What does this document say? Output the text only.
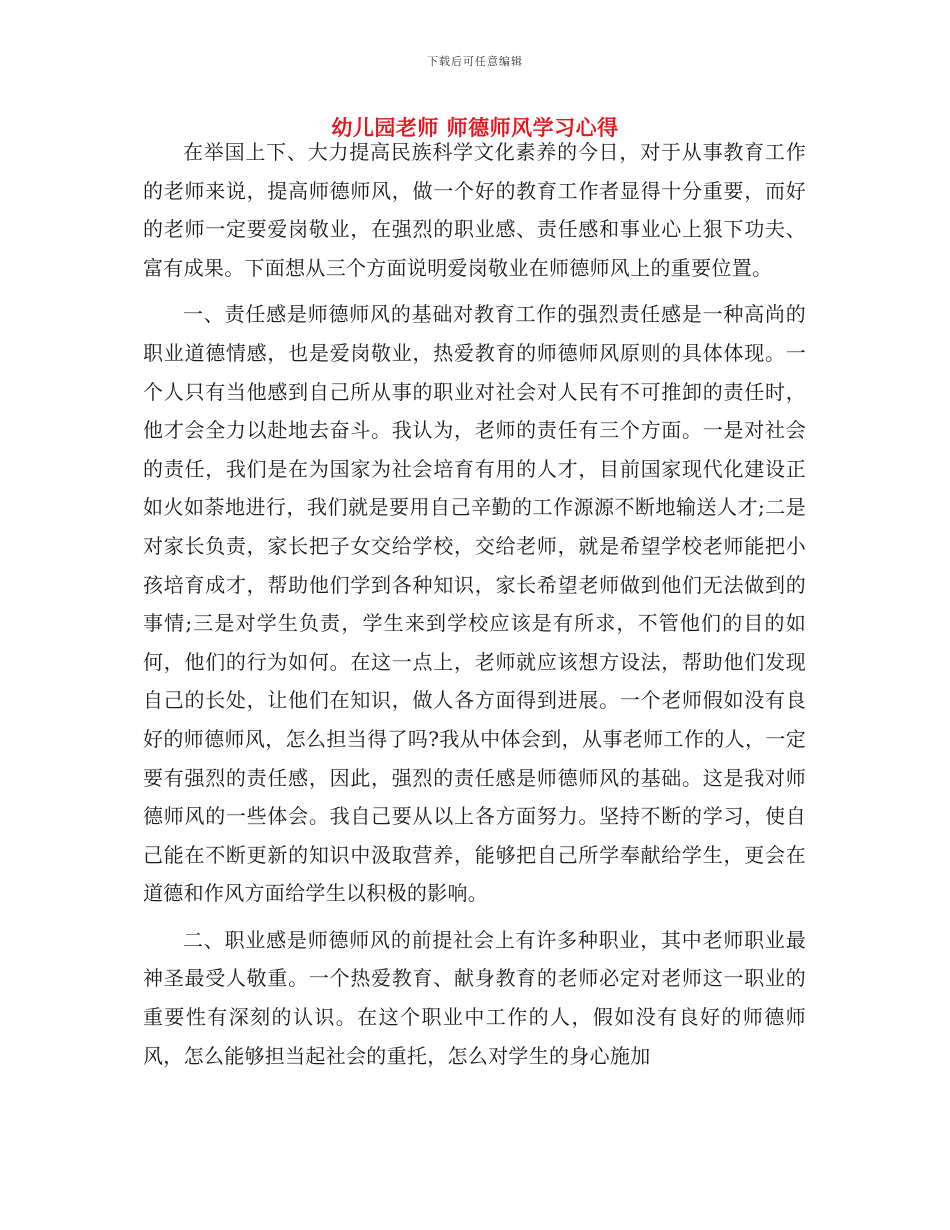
下载后可任意编辑
幼儿园老师 师德师风学习心得

在举国上下、大力提高民族科学文化素养的今日，对于从事教育工作的老师来说，提高师德师风，做一个好的教育工作者显得十分重要，而好的老师一定要爱岗敬业，在强烈的职业感、责任感和事业心上狠下功夫、富有成果。下面想从三个方面说明爱岗敬业在师德师风上的重要位置。

一、责任感是师德师风的基础对教育工作的强烈责任感是一种高尚的职业道德情感，也是爱岗敬业，热爱教育的师德师风原则的具体体现。一个人只有当他感到自己所从事的职业对社会对人民有不可推卸的责任时，他才会全力以赴地去奋斗。我认为，老师的责任有三个方面。一是对社会的责任，我们是在为国家为社会培育有用的人才，目前国家现代化建设正如火如荼地进行，我们就是要用自己辛勤的工作源源不断地输送人才;二是对家长负责，家长把子女交给学校，交给老师，就是希望学校老师能把小孩培育成才，帮助他们学到各种知识，家长希望老师做到他们无法做到的事情;三是对学生负责，学生来到学校应该是有所求，不管他们的目的如何，他们的行为如何。在这一点上，老师就应该想方设法，帮助他们发现自己的长处，让他们在知识，做人各方面得到进展。一个老师假如没有良好的师德师风，怎么担当得了吗?我从中体会到，从事老师工作的人，一定要有强烈的责任感，因此，强烈的责任感是师德师风的基础。这是我对师德师风的一些体会。我自己要从以上各方面努力。坚持不断的学习，使自己能在不断更新的知识中汲取营养，能够把自己所学奉献给学生，更会在道德和作风方面给学生以积极的影响。

二、职业感是师德师风的前提社会上有许多种职业，其中老师职业最神圣最受人敬重。一个热爱教育、献身教育的老师必定对老师这一职业的重要性有深刻的认识。在这个职业中工作的人，假如没有良好的师德师风，怎么能够担当起社会的重托，怎么对学生的身心施加
